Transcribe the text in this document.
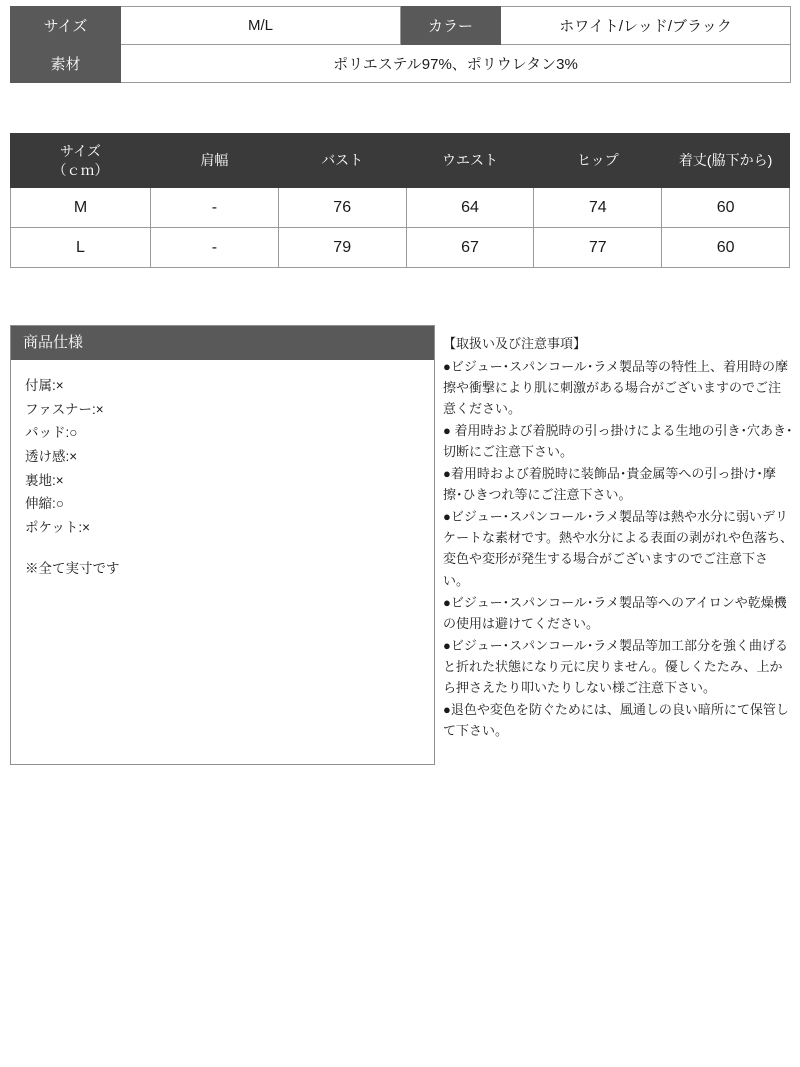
サイズ	M/L	カラー	ホワイト/レッド/ブラック
素材	ポリエステル97%、ポリウレタン3%		
サイズ
（ｃｍ）	肩幅	バスト	ウエスト	ヒップ	着丈(脇下から)
M	-	76	64	74	60
L	-	79	67	77	60
商品仕様
付属:×
ファスナー:×
パッド:○
透け感:×
裏地:×
伸縮:○
ポケット:×
※全て実寸です
【取扱い及び注意事項】

●ビジュー･スパンコール･ラメ製品等の特性上、着用時の摩擦や衝撃により肌に刺激がある場合がございますのでご注意ください。

● 着用時および着脱時の引っ掛けによる生地の引き･穴あき･切断にご注意下さい。

●着用時および着脱時に装飾品･貴金属等への引っ掛け･摩擦･ひきつれ等にご注意下さい。

●ビジュー･スパンコール･ラメ製品等は熱や水分に弱いデリケートな素材です。熱や水分による表面の剥がれや色落ち、変色や変形が発生する場合がございますのでご注意下さい。

●ビジュー･スパンコール･ラメ製品等へのアイロンや乾燥機の使用は避けてください。

●ビジュー･スパンコール･ラメ製品等加工部分を強く曲げると折れた状態になり元に戻りません。優しくたたみ、上から押さえたり叩いたりしない様ご注意下さい。

●退色や変色を防ぐためには、風通しの良い暗所にて保管して下さい。
